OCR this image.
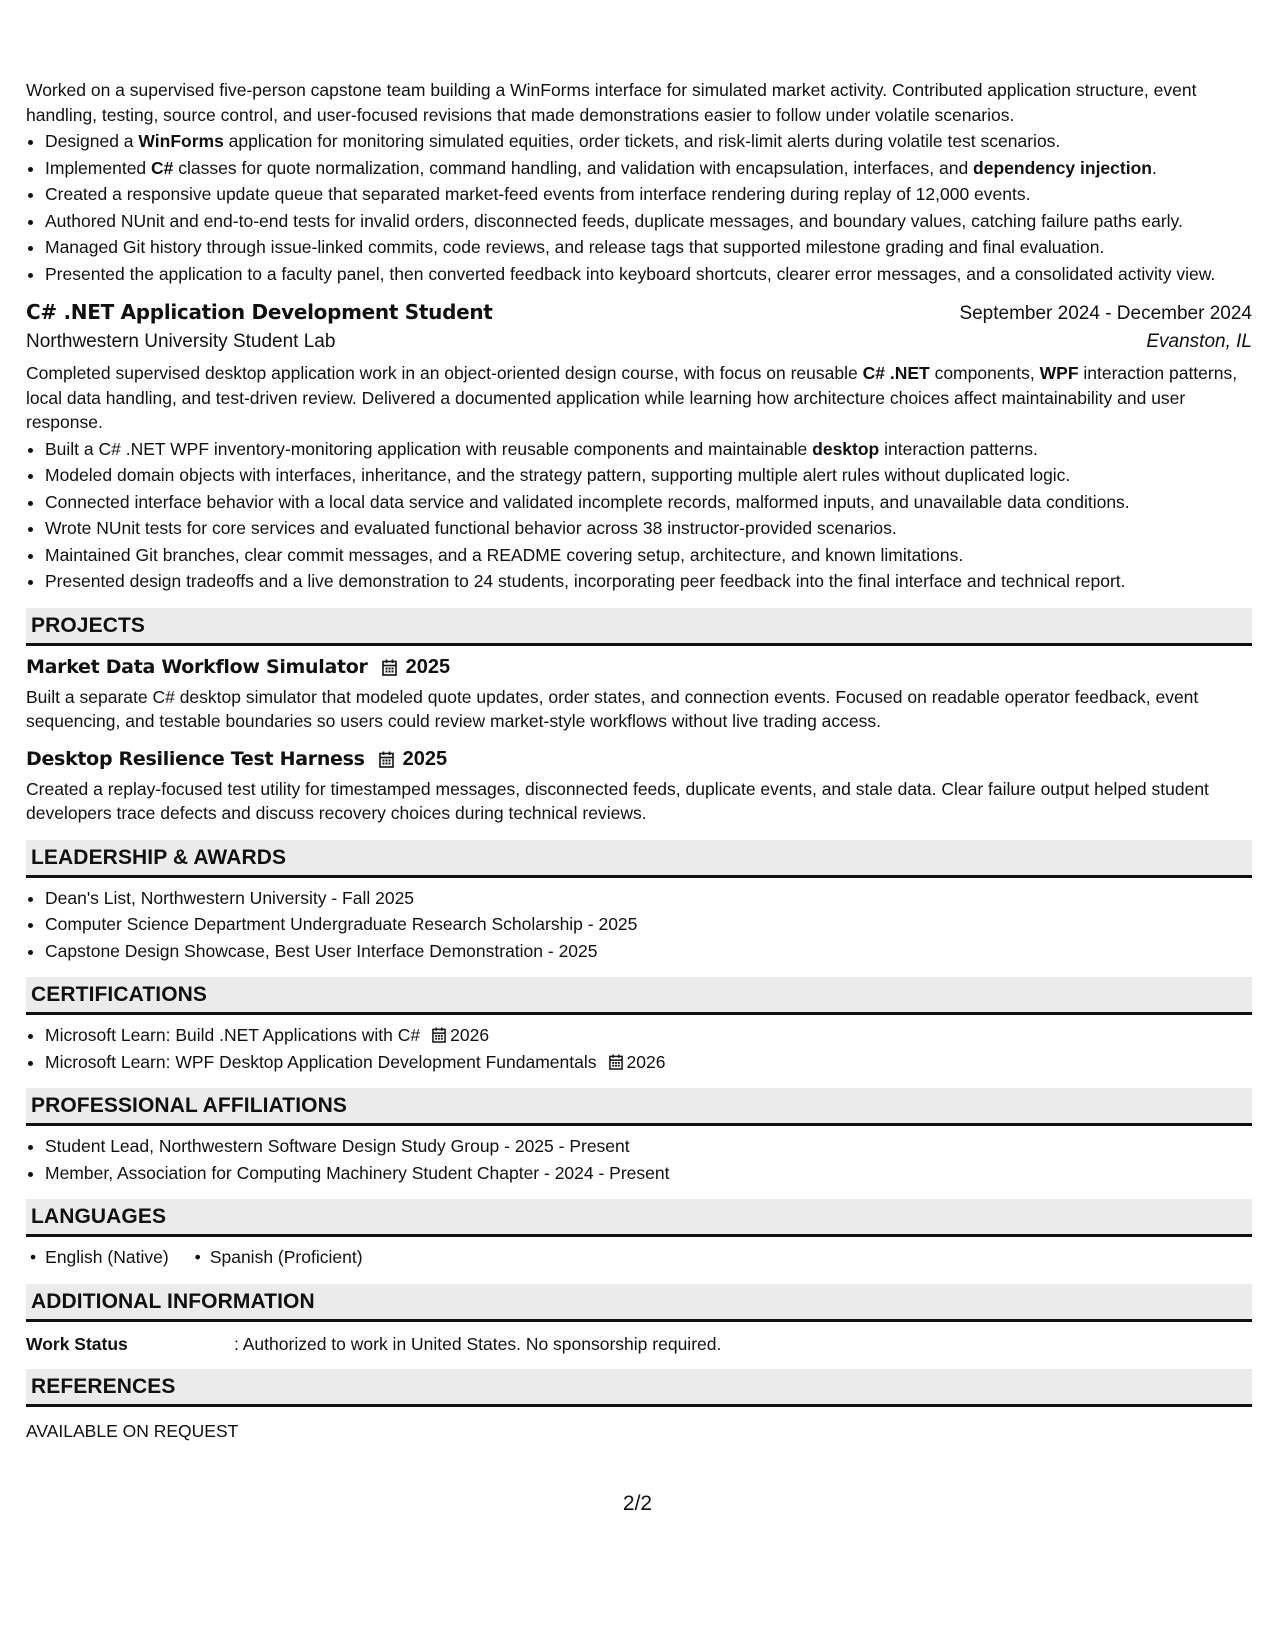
Worked on a supervised five-person capstone team building a WinForms interface for simulated market activity. Contributed application structure, event handling, testing, source control, and user-focused revisions that made demonstrations easier to follow under volatile scenarios.

• Designed a WinForms application for monitoring simulated equities, order tickets, and risk-limit alerts during volatile test scenarios.
• Implemented C# classes for quote normalization, command handling, and validation with encapsulation, interfaces, and dependency injection.
• Created a responsive update queue that separated market-feed events from interface rendering during replay of 12,000 events.
• Authored NUnit and end-to-end tests for invalid orders, disconnected feeds, duplicate messages, and boundary values, catching failure paths early.
• Managed Git history through issue-linked commits, code reviews, and release tags that supported milestone grading and final evaluation.
• Presented the application to a faculty panel, then converted feedback into keyboard shortcuts, clearer error messages, and a consolidated activity view.
C# .NET Application Development Student	September 2024 - December 2024
Northwestern University Student Lab	Evanston, IL

Completed supervised desktop application work in an object-oriented design course, with focus on reusable C# .NET components, WPF interaction patterns, local data handling, and test-driven review. Delivered a documented application while learning how architecture choices affect maintainability and user response.

• Built a C# .NET WPF inventory-monitoring application with reusable components and maintainable desktop interaction patterns.
• Modeled domain objects with interfaces, inheritance, and the strategy pattern, supporting multiple alert rules without duplicated logic.
• Connected interface behavior with a local data service and validated incomplete records, malformed inputs, and unavailable data conditions.
• Wrote NUnit tests for core services and evaluated functional behavior across 38 instructor-provided scenarios.
• Maintained Git branches, clear commit messages, and a README covering setup, architecture, and known limitations.
• Presented design tradeoffs and a live demonstration to 24 students, incorporating peer feedback into the final interface and technical report.
PROJECTS
Market Data Workflow Simulator 2025

Built a separate C# desktop simulator that modeled quote updates, order states, and connection events. Focused on readable operator feedback, event sequencing, and testable boundaries so users could review market-style workflows without live trading access.

Desktop Resilience Test Harness 2025

Created a replay-focused test utility for timestamped messages, disconnected feeds, duplicate events, and stale data. Clear failure output helped student developers trace defects and discuss recovery choices during technical reviews.

LEADERSHIP & AWARDS
• Dean's List, Northwestern University - Fall 2025
• Computer Science Department Undergraduate Research Scholarship - 2025
• Capstone Design Showcase, Best User Interface Demonstration - 2025
CERTIFICATIONS
• Microsoft Learn: Build .NET Applications with C# 2026
• Microsoft Learn: WPF Desktop Application Development Fundamentals 2026
PROFESSIONAL AFFILIATIONS
• Student Lead, Northwestern Software Design Study Group - 2025 - Present
• Member, Association for Computing Machinery Student Chapter - 2024 - Present
LANGUAGES
• English (Native)
•	Spanish (Proficient)
ADDITIONAL INFORMATION
Work Status	: Authorized to work in United States. No sponsorship required.
REFERENCES
AVAILABLE ON REQUEST
2/2
